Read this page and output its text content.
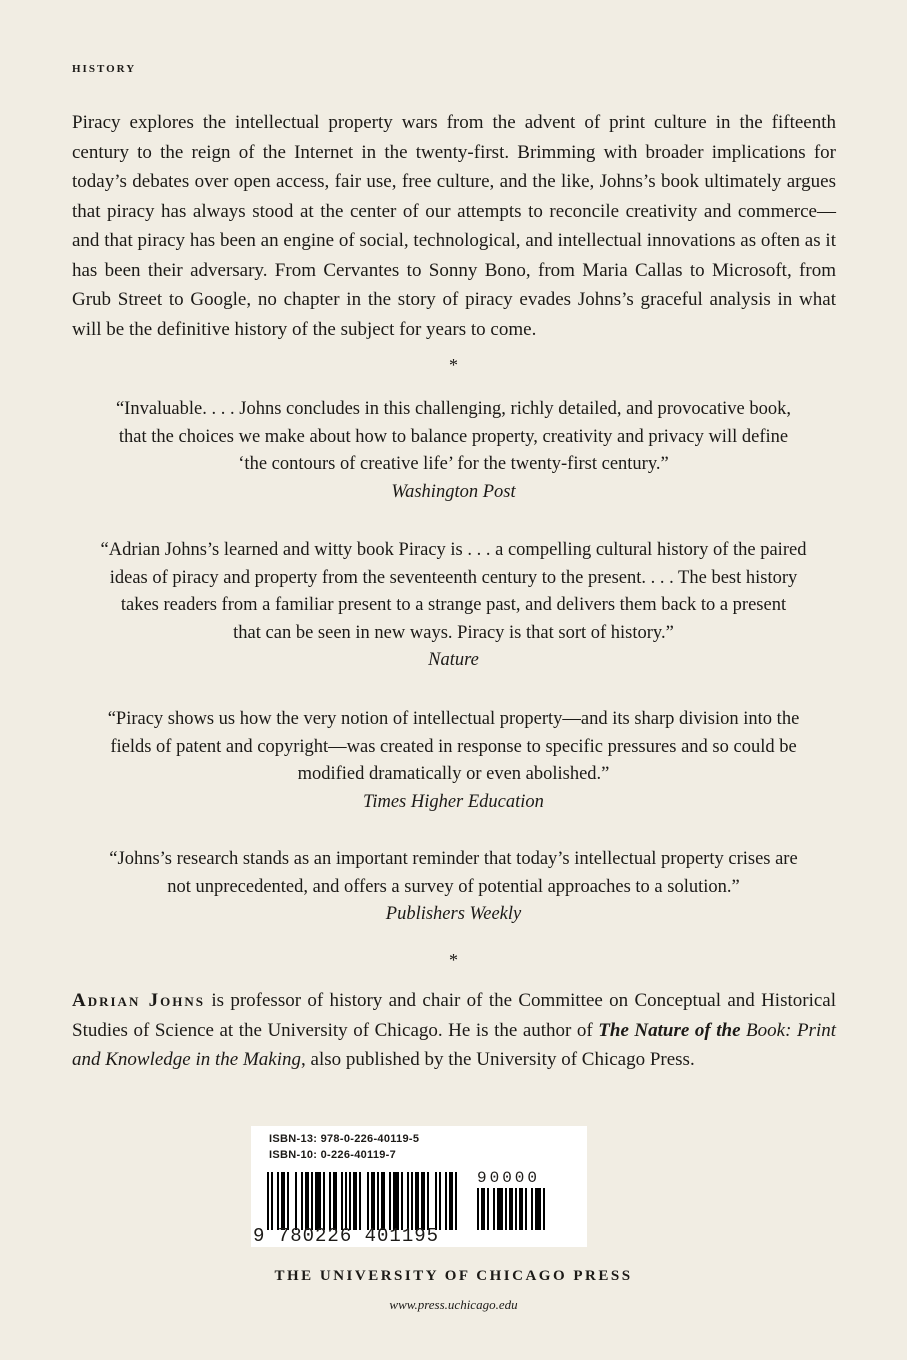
HISTORY

Piracy explores the intellectual property wars from the advent of print culture in the fifteenth century to the reign of the Internet in the twenty-first. Brimming with broader implications for today’s debates over open access, fair use, free culture, and the like, Johns’s book ultimately argues that piracy has always stood at the center of our attempts to reconcile creativity and commerce—and that piracy has been an engine of social, technological, and intellectual innovations as often as it has been their adversary. From Cervantes to Sonny Bono, from Maria Callas to Microsoft, from Grub Street to Google, no chapter in the story of piracy evades Johns’s graceful analysis in what will be the definitive history of the subject for years to come.

*

“Invaluable. . . . Johns concludes in this challenging, richly detailed, and provocative book,

that the choices we make about how to balance property, creativity and privacy will define

‘the contours of creative life’ for the twenty-first century.”

Washington Post

“Adrian Johns’s learned and witty book Piracy is . . . a compelling cultural history of the paired

ideas of piracy and property from the seventeenth century to the present. . . . The best history

takes readers from a familiar present to a strange past, and delivers them back to a present

that can be seen in new ways. Piracy is that sort of history.”

Nature

“Piracy shows us how the very notion of intellectual property—and its sharp division into the

fields of patent and copyright—was created in response to specific pressures and so could be

modified dramatically or even abolished.”

Times Higher Education

“Johns’s research stands as an important reminder that today’s intellectual property crises are

not unprecedented, and offers a survey of potential approaches to a solution.”

Publishers Weekly

*

Adrian Johns is professor of history and chair of the Committee on Conceptual and Historical Studies of Science at the University of Chicago. He is the author of The Nature of the Book: Print and Knowledge in the Making, also published by the University of Chicago Press.

ISBN-13: 978-0-226-40119-5
ISBN-10: 0-226-40119-7
90000
9 780226 401195
THE UNIVERSITY OF CHICAGO PRESS
www.press.uchicago.edu
